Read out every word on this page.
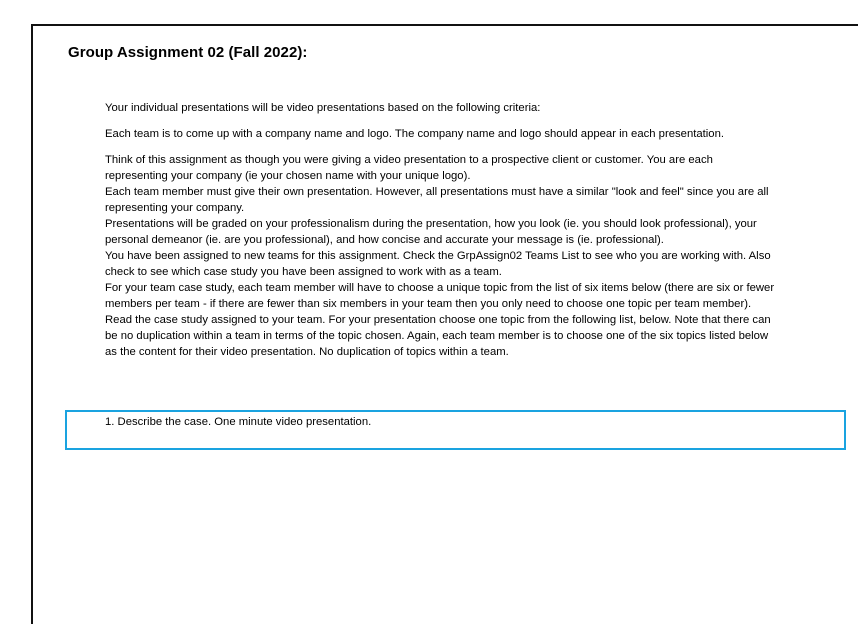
Group Assignment 02 (Fall 2022):

Your individual presentations will be video presentations based on the following criteria:

Each team is to come up with a company name and logo. The company name and logo should appear in each presentation.

Think of this assignment as though you were giving a video presentation to a prospective client or customer. You are each representing your company (ie your chosen name with your unique logo).

Each team member must give their own presentation. However, all presentations must have a similar "look and feel" since you are all representing your company.

Presentations will be graded on your professionalism during the presentation, how you look (ie. you should look professional), your personal demeanor (ie. are you professional), and how concise and accurate your message is (ie. professional).

You have been assigned to new teams for this assignment. Check the GrpAssign02 Teams List to see who you are working with. Also check to see which case study you have been assigned to work with as a team.

For your team case study, each team member will have to choose a unique topic from the list of six items below (there are six or fewer members per team - if there are fewer than six members in your team then you only need to choose one topic per team member). Read the case study assigned to your team. For your presentation choose one topic from the following list, below. Note that there can be no duplication within a team in terms of the topic chosen. Again, each team member is to choose one of the six topics listed below as the content for their video presentation. No duplication of topics within a team.

1. Describe the case. One minute video presentation.
